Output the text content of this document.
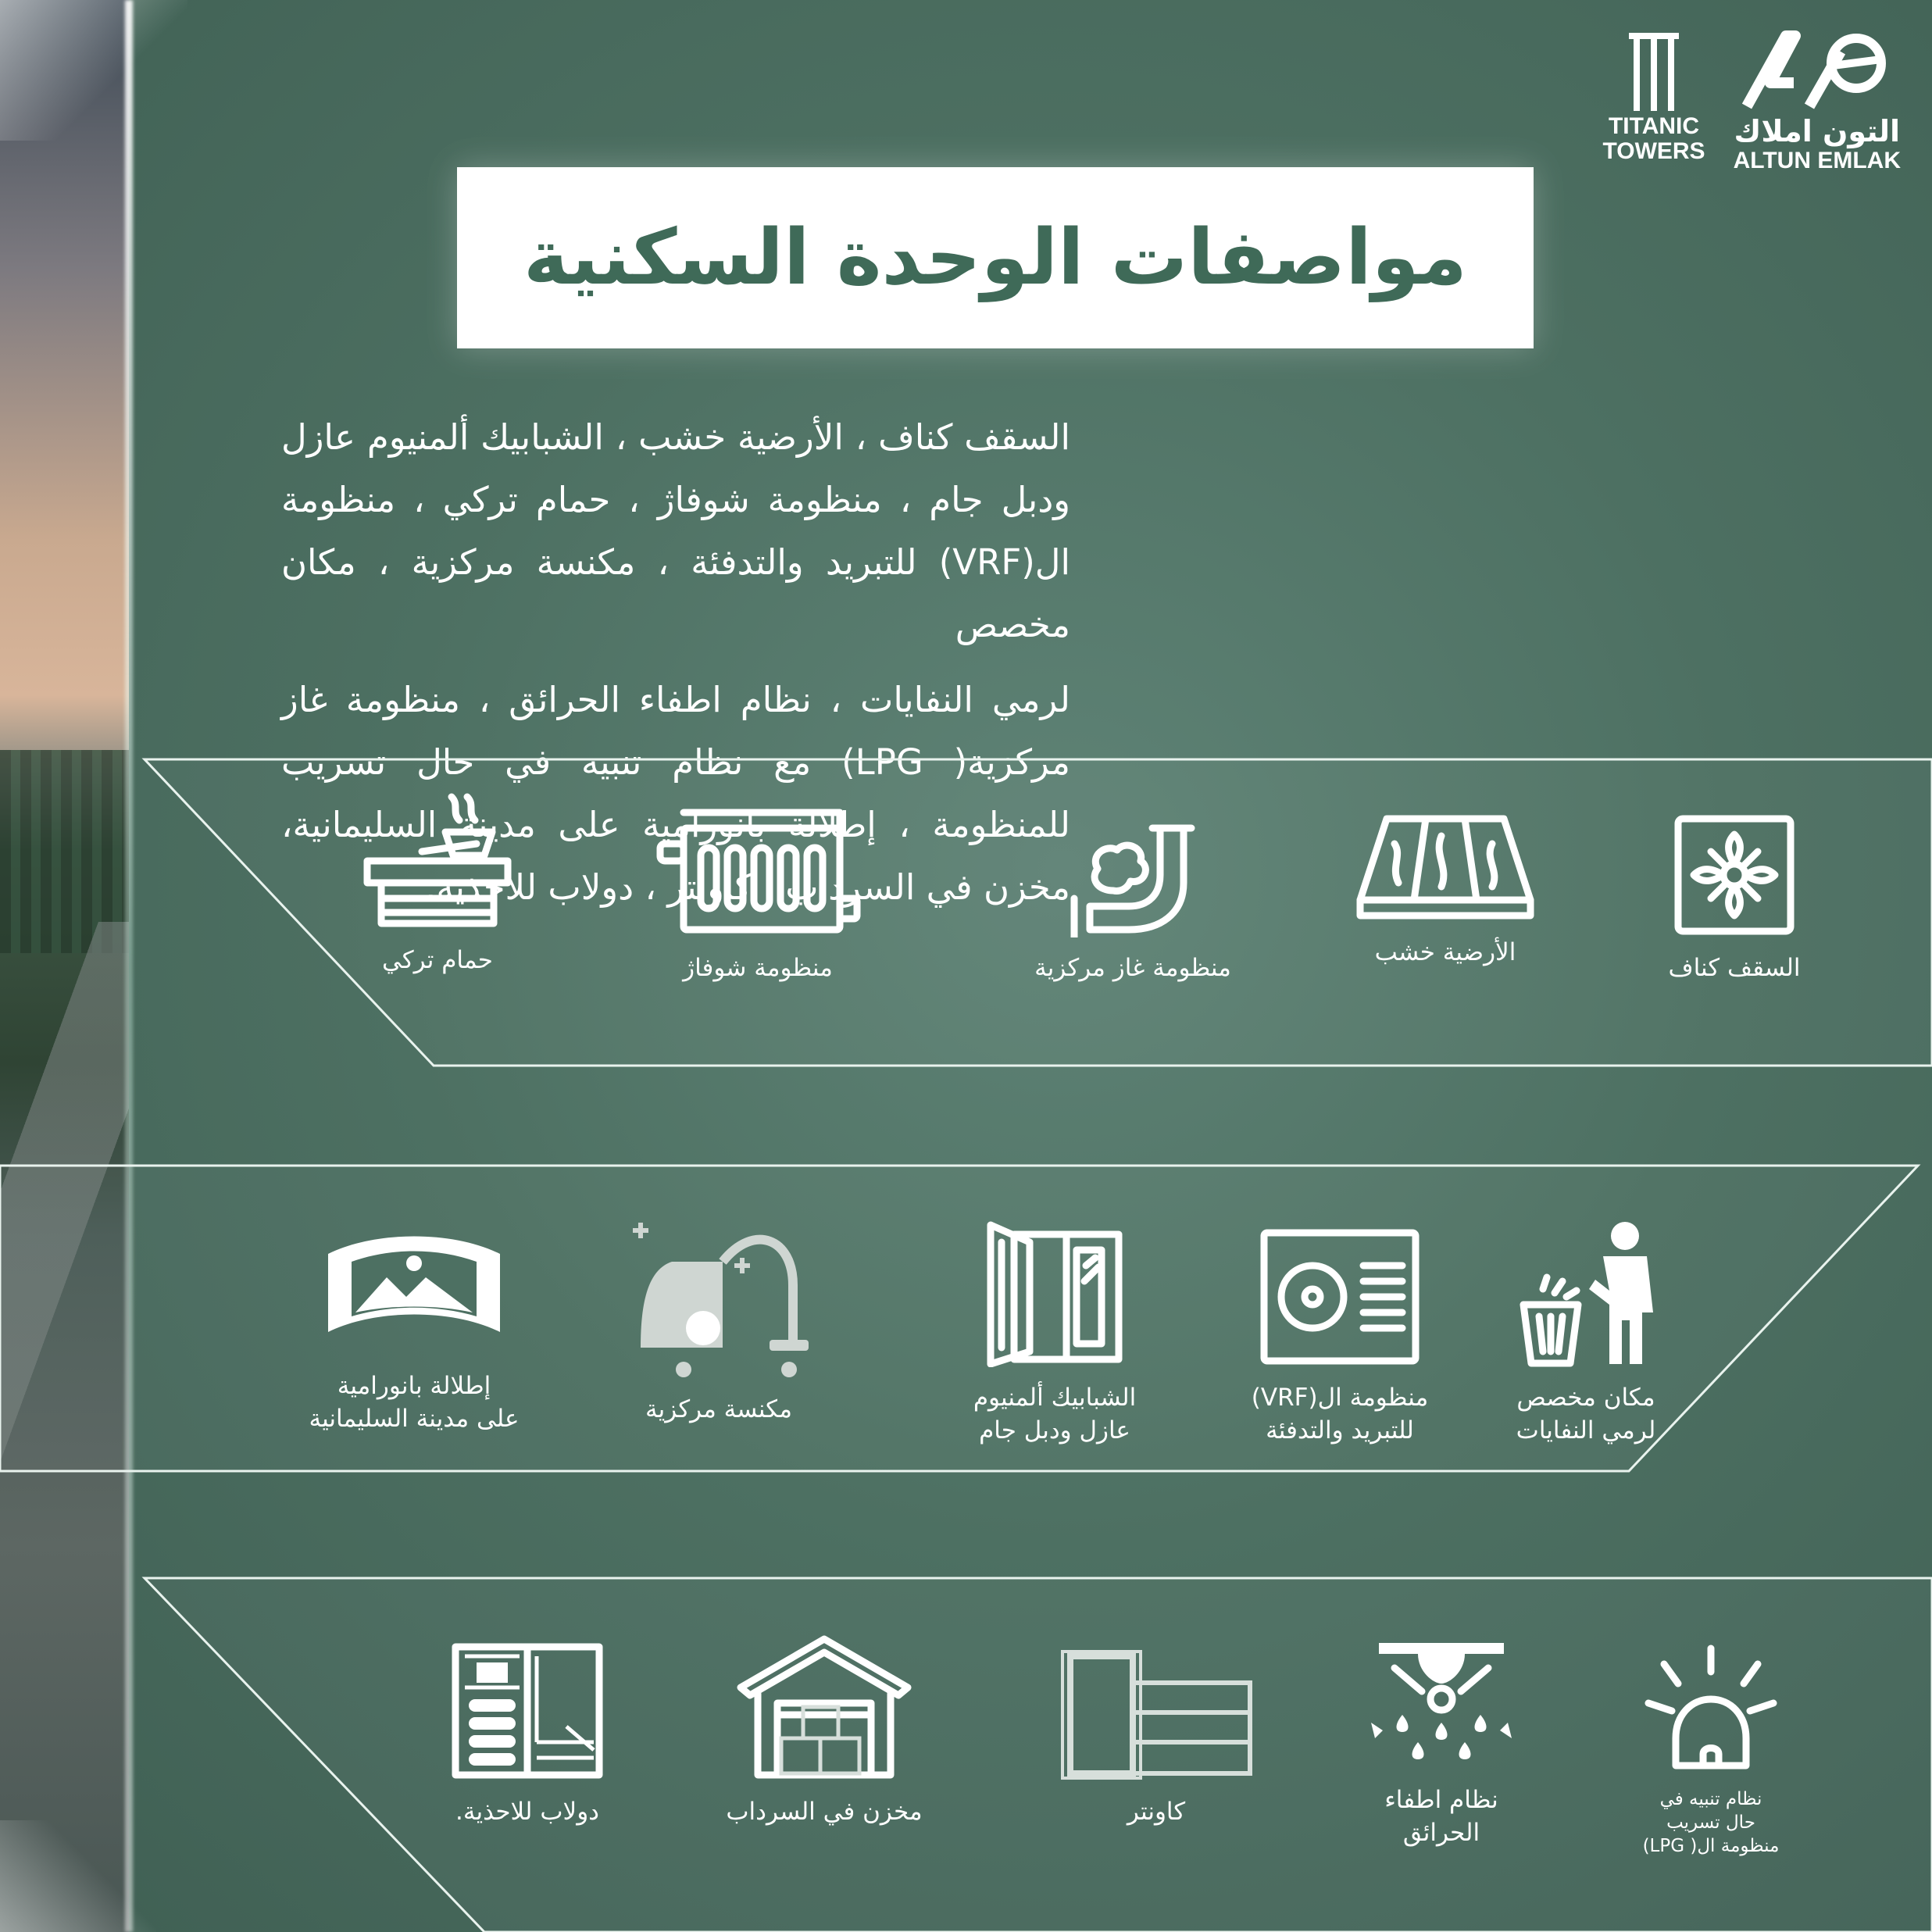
TITANIC
TOWERS
التون املاك
ALTUN EMLAK
مواصفات الوحدة السكنية

السقف كناف ، الأرضية خشب ، الشبابيك ألمنيوم عازل ودبل جام ، منظومة شوفاژ ، حمام تركي ، منظومة ال(VRF) للتبريد والتدفئة ، مكنسة مركزية ، مكان مخصص

لرمي النفايات ، نظام اطفاء الحرائق ، منظومة غاز

السقف كناف
الأرضية خشب
منظومة غاز مركزية
منظومة شوفاژ
حمام تركي
مكان مخصص
لرمي النفايات
منظومة ال(VRF)
للتبريد والتدفئة
الشبابيك ألمنيوم
عازل ودبل جام
مكنسة مركزية
إطلالة بانورامية
على مدينة السليمانية
نظام تنبيه في
حال تسريب
منظومة ال( LPG)
نظام اطفاء
الحرائق
كاونتر
مخزن في السرداب
دولاب للاحذية.
